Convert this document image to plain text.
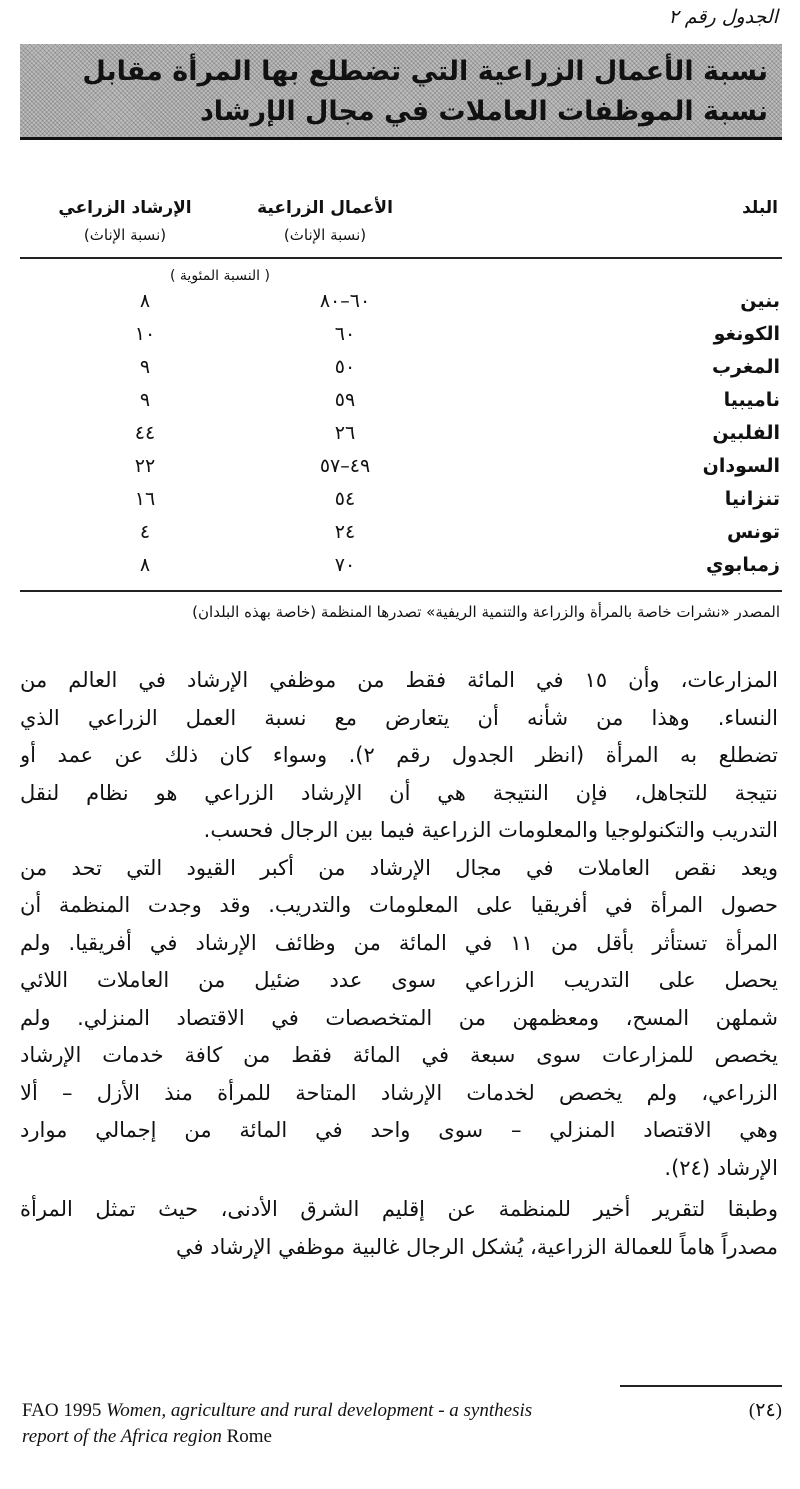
الجدول رقم ٢
نسبة الأعمال الزراعية التي تضطلع بها المرأة مقابل
نسبة الموظفات العاملات في مجال الإرشاد
البلد
الأعمال الزراعية
(نسبة الإناث)
الإرشاد الزراعي
(نسبة الإناث)
( النسبة المئوية )
بنين
٦٠–٨٠
٨
الكونغو
٦٠
١٠
المغرب
٥٠
٩
ناميبيا
٥٩
٩
الفلبين
٢٦
٤٤
السودان
٤٩–٥٧
٢٢
تنزانيا
٥٤
١٦
تونس
٢٤
٤
زمبابوي
٧٠
٨
المصدر «نشرات خاصة بالمرأة والزراعة والتنمية الريفية» تصدرها المنظمة (خاصة بهذه البلدان)
المزارعات، وأن ١٥ في المائة فقط من موظفي الإرشاد في العالم من
النساء. وهذا من شأنه أن يتعارض مع نسبة العمل الزراعي الذي
تضطلع به المرأة (انظر الجدول رقم ٢). وسواء كان ذلك عن عمد أو
نتيجة للتجاهل، فإن النتيجة هي أن الإرشاد الزراعي هو نظام لنقل
التدريب والتكنولوجيا والمعلومات الزراعية فيما بين الرجال فحسب.
ويعد نقص العاملات في مجال الإرشاد من أكبر القيود التي تحد من
حصول المرأة في أفريقيا على المعلومات والتدريب. وقد وجدت المنظمة أن
المرأة تستأثر بأقل من ١١ في المائة من وظائف الإرشاد في أفريقيا. ولم
يحصل على التدريب الزراعي سوى عدد ضئيل من العاملات اللائي
شملهن المسح، ومعظمهن من المتخصصات في الاقتصاد المنزلي. ولم
يخصص للمزارعات سوى سبعة في المائة فقط من كافة خدمات الإرشاد
الزراعي، ولم يخصص لخدمات الإرشاد المتاحة للمرأة منذ الأزل – ألا
وهي الاقتصاد المنزلي – سوى واحد في المائة من إجمالي موارد
الإرشاد (٢٤).
وطبقا لتقرير أخير للمنظمة عن إقليم الشرق الأدنى، حيث تمثل المرأة
مصدراً هاماً للعمالة الزراعية، يُشكل الرجال غالبية موظفي الإرشاد في
(٢٤)
FAO 1995 Women, agriculture and rural development - a synthesis
report of the Africa region Rome
